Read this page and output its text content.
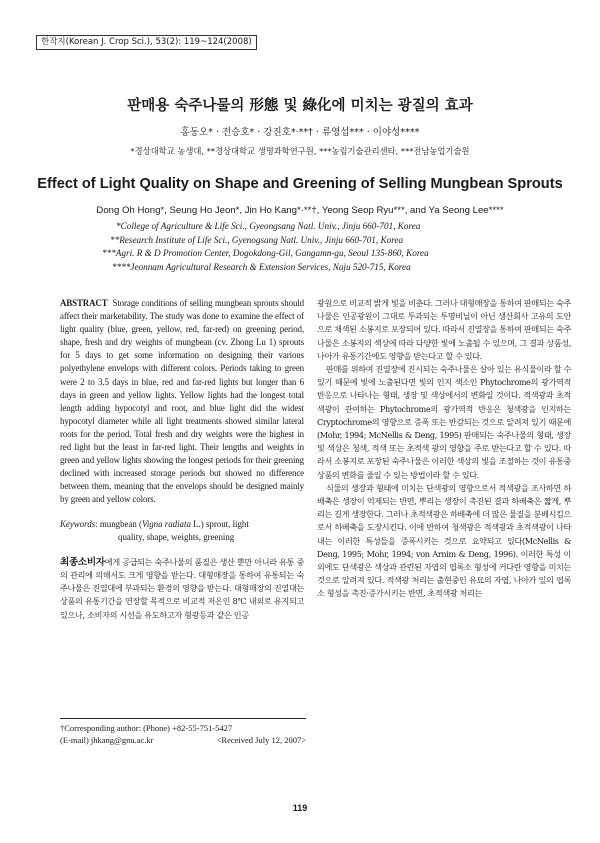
한작지(Korean J. Crop Sci.), 53(2): 119~124(2008)
판매용 숙주나물의 形態 및 綠化에 미치는 광질의 효과
홍동오* · 전승호* · 강진호*·**† · 류영섭*** · 이야성****
*경상대학교 농생대, **경상대학교 생명과학연구원, ***농림기술관리센타, ***전남농업기술원
Effect of Light Quality on Shape and Greening of Selling Mungbean Sprouts
Dong Oh Hong*, Seung Ho Jeon*, Jin Ho Kang*·**†, Yeong Seop Ryu***, and Ya Seong Lee****
*College of Agriculture & Life Sci., Gyeongsang Natl. Univ., Jinju 660-701, Korea
**Research Institute of Life Sci., Gyenogsang Natl. Univ., Jinju 660-701, Korea
***Agri. R & D Promotion Center, Dogokdong-Gil, Gangamn-gu, Seoul 135-860, Korea
****Jeonnam Agricultural Research & Extension Services, Naju 520-715, Korea
ABSTRACT Storage conditions of selling mungbean sprouts should affect their marketability. The study was done to examine the effect of light quality (blue, green, yellow, red, far-red) on greening period, shape, fresh and dry weights of mungbean (cv. Zhong Lu 1) sprouts for 5 days to get some information on designing their various polyethylene envelops with different colors. Periods taking to green were 2 to 3.5 days in blue, red and far-red lights but longer than 6 days in green and yellow lights. Yellow lights had the longest total length adding hypocotyl and root, and blue light did the widest hypocotyl diameter while all light treatments showed similar lateral roots for the period. Total fresh and dry weights were the highest in red light but the least in far-red light. Their lengths and weights in green and yellow lights showing the longest periods for their greening declined with increased storage periods but showed no difference between them, meaning that the envelops should be designed mainly by green and yellow colors.
Keywords: mungbean (Vigna radiata L.) sprout, light
quality, shape, weights, greening
최종소비자에게 공급되는 숙주나물의 품질은 생산 뿐만 아니라 유통 중의 관리에 의해서도 크게 영향을 받는다. 대형매장을 통하여 유통되는 숙주나물은 진열대에 부과되는 환경의 영향을 받는다. 대형매장의 진열대는 상품의 유통기간을 연장할 목적으로 비교적 저온인 8℃ 내외로 유지되고 있으나, 소비자의 시선을 유도하고자 형광등과 같은 인공
†Corresponding author: (Phone) +82-55-751-5427
(E-mail) jhkang@gnu.ac.kr	<Received July 12, 2007>

광원으로 비교적 밝게 빛을 비춘다. 그러나 대형매장을 통하여 판매되는 숙주나물은 인공광원이 그대로 투과되는 투명비닐이 아닌 생산회사 고유의 도안으로 채색된 소봉지로 포장되어 있다. 따라서 진열장을 통하여 판매되는 숙주나물은 소봉지의 색상에 따라 다양한 빛에 노출될 수 있으며, 그 결과 상품성, 나아가 유통기간에도 영향을 받는다고 할 수 있다.

판매를 위하여 진열장에 진시되는 숙주나물은 살아 있는 유식물이라 할 수 있기 때문에 빛에 노출된다면 빛의 인지 색소인 Phytochrome의 광가역적 반응으로 나타나는 형태, 생장 및 색상에서의 변화일 것이다. 적색광과 초적색광이 관여하는 Phytochrome의 광가역적 반응은 청색광을 인지하는 Cryptochrome의 영향으로 증폭 또는 반감되는 것으로 알려져 있기 때문에(Mohr, 1994; McNellis & Deng, 1995) 판매되는 숙주나물의 형태, 생장 및 색상은 청색, 적색 또는 초적색 광의 영향을 주로 받는다고 할 수 있다. 따라서 소봉지로 포장된 숙주나물은 이러한 색상의 빛을 조절하는 것이 유통중 상품의 변화를 줄일 수 있는 방법이라 할 수 있다.

식물의 생장과 형태에 미치는 단색광의 영향으로서 적색광을 조사하면 하배축은 생장이 억제되는 반면, 뿌리는 생장이 촉진된 결과 하배축은 짧게, 뿌리는 길게 생장한다. 그러나 초적색광은 하배축에 더 많은 물질을 분배시킴으로서 하배축을 도장시킨다. 이에 반하여 청색광은 적색광과 초적색광이 나타내는 이러한 특성들을 증폭시키는 것으로 요약되고 있다(McNellis & Deng, 1995; Mohr, 1994; von Arnim & Deng, 1996). 이러한 특성 이외에도 단색광은 색상과 관련된 자엽의 엽록소 형성에 커다란 영향을 미치는 것으로 알려져 있다. 적색광 처리는 출현중인 유묘의 자엽, 나아가 잎의 엽록소 형성을 촉진·증가시키는 반면, 초적색광 처리는

119
